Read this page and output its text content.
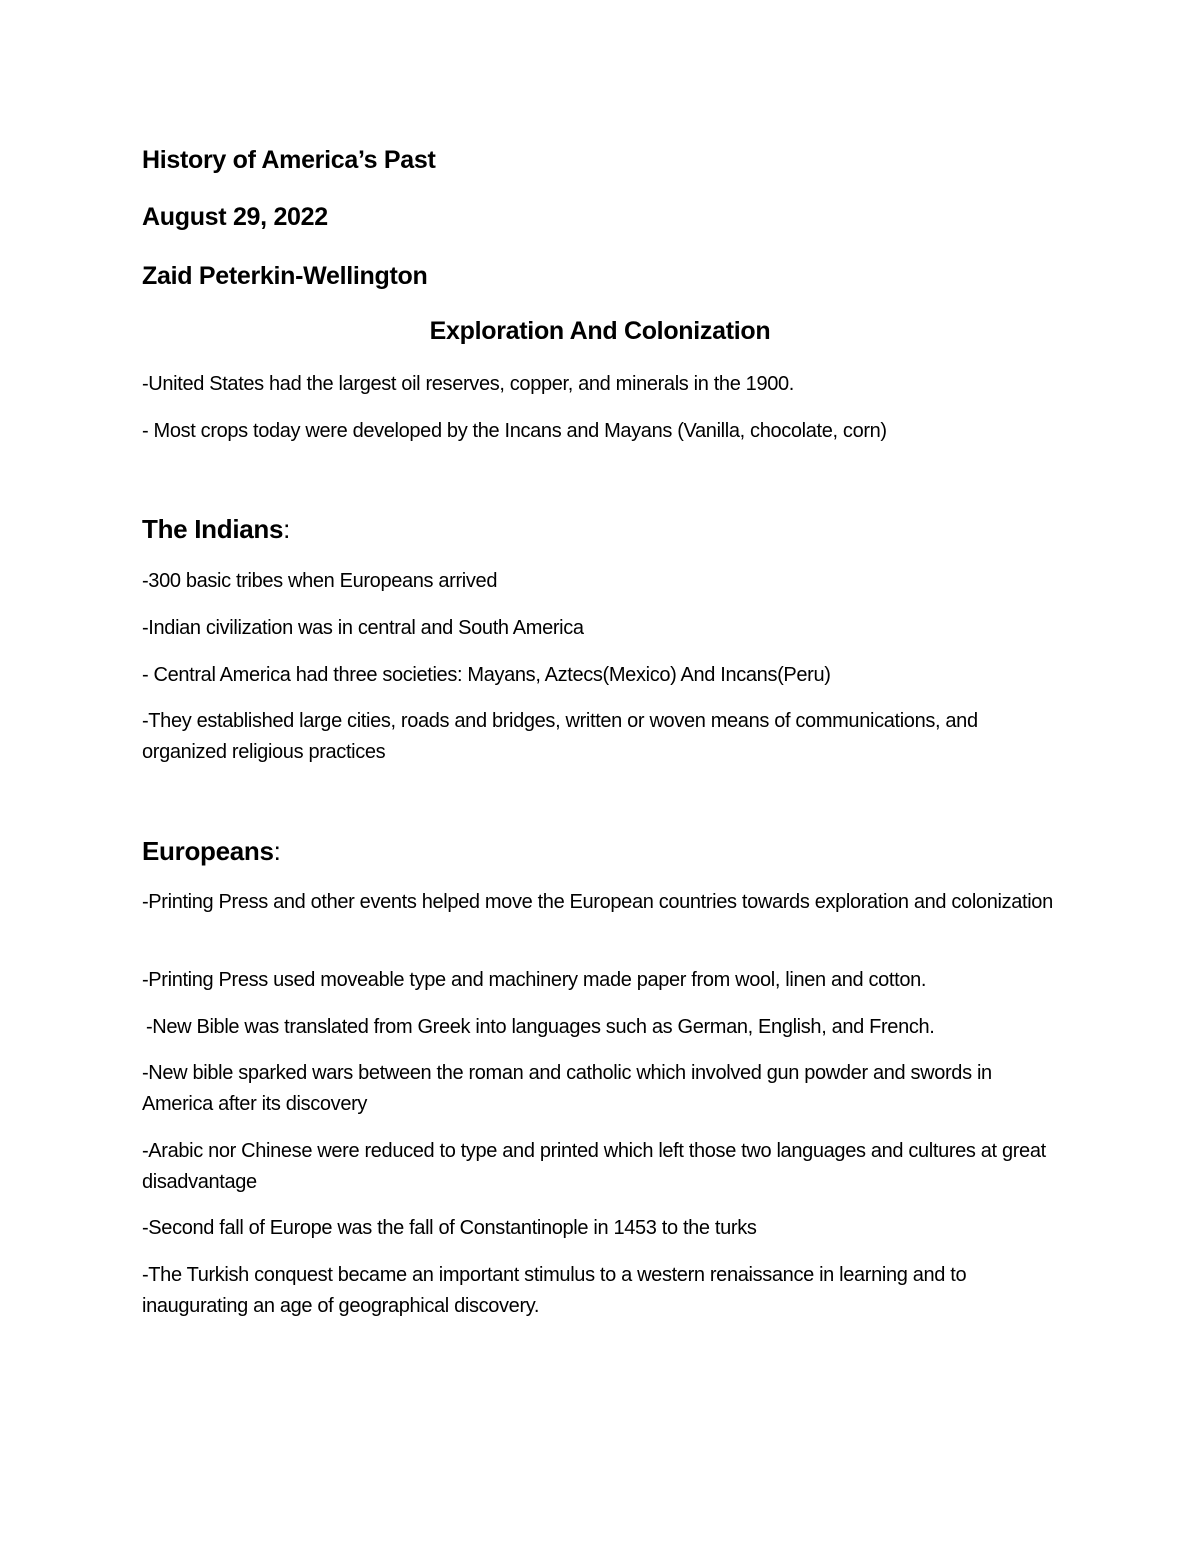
History of America’s Past
August 29, 2022
Zaid Peterkin-Wellington
Exploration And Colonization
-United States had the largest oil reserves, copper, and minerals in the 1900.
- Most crops today were developed by the Incans and Mayans (Vanilla, chocolate, corn)
The Indians:
-300 basic tribes when Europeans arrived
-Indian civilization was in central and South America
- Central America had three societies: Mayans, Aztecs(Mexico) And Incans(Peru)
-They established large cities, roads and bridges, written or woven means of communications, and organized religious practices
Europeans:
-Printing Press and other events helped move the European countries towards exploration and colonization
-Printing Press used moveable type and machinery made paper from wool, linen and cotton.
-New Bible was translated from Greek into languages such as German, English, and French.
-New bible sparked wars between the roman and catholic which involved gun powder and swords in America after its discovery
-Arabic nor Chinese were reduced to type and printed which left those two languages and cultures at great disadvantage
-Second fall of Europe was the fall of Constantinople in 1453 to the turks
-The Turkish conquest became an important stimulus to a western renaissance in learning and to inaugurating an age of geographical discovery.
